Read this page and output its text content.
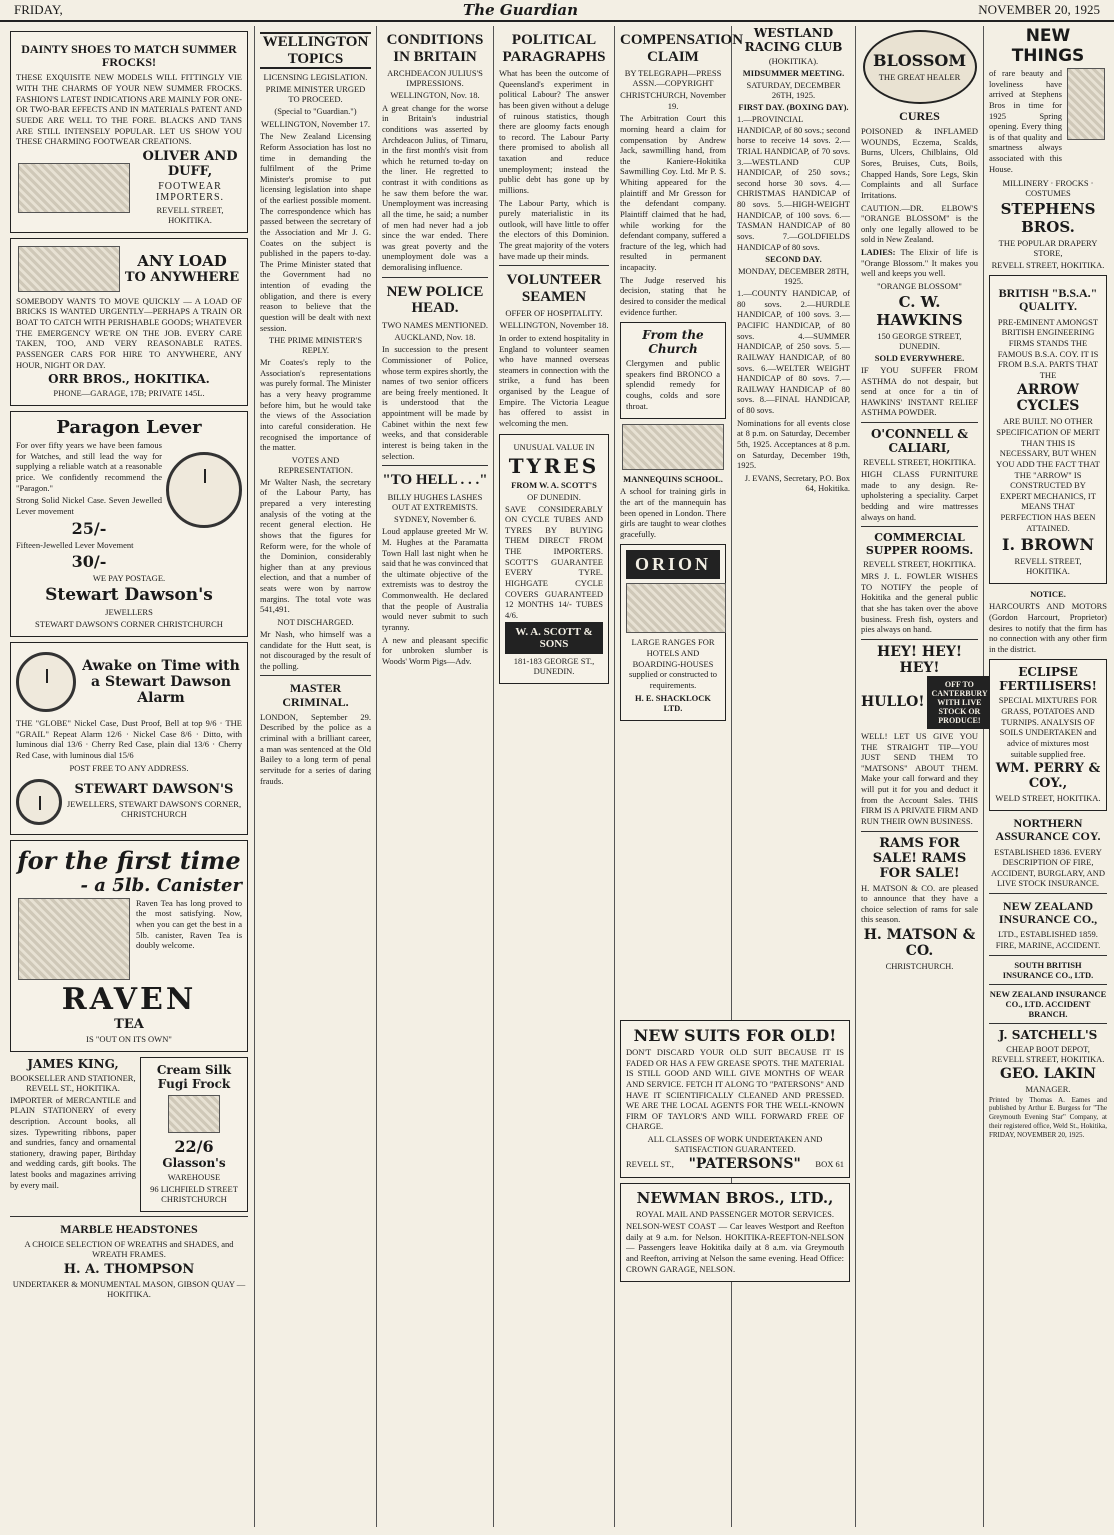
FRIDAY,	The Guardian	NOVEMBER 20, 1925
DAINTY SHOES TO MATCH SUMMER FROCKS!
THESE EXQUISITE NEW MODELS WILL FITTINGLY VIE WITH THE CHARMS OF YOUR NEW SUMMER FROCKS. FASHION'S LATEST INDICATIONS ARE MAINLY FOR ONE- OR TWO-BAR EFFECTS AND IN MATERIALS PATENT AND SUEDE ARE WELL TO THE FORE. BLACKS AND TANS ARE STILL INTENSELY POPULAR. LET US SHOW YOU THESE CHARMING FOOTWEAR CREATIONS.
OLIVER AND DUFF,
FOOTWEAR IMPORTERS.
REVELL STREET, HOKITIKA.
ANY LOAD
TO ANYWHERE
SOMEBODY WANTS TO MOVE QUICKLY — A LOAD OF BRICKS IS WANTED URGENTLY—PERHAPS A TRAIN OR BOAT TO CATCH WITH PERISHABLE GOODS; WHATEVER THE EMERGENCY WE'RE ON THE JOB. EVERY CARE TAKEN, TOO, AND VERY REASONABLE RATES. PASSENGER CARS FOR HIRE TO ANYWHERE, ANY HOUR, NIGHT OR DAY.
ORR BROS., HOKITIKA.
PHONE—GARAGE, 17B; PRIVATE 145L.
Paragon Lever
For over fifty years we have been famous for Watches, and still lead the way for supplying a reliable watch at a reasonable price. We confidently recommend the "Paragon."
Strong Solid Nickel Case. Seven Jewelled Lever movement
25/-
Fifteen-Jewelled Lever Movement
30/-
WE PAY POSTAGE.
Stewart Dawson's
JEWELLERS
STEWART DAWSON'S CORNER CHRISTCHURCH
Awake on Time with a Stewart Dawson Alarm
THE "GLOBE" Nickel Case, Dust Proof, Bell at top 9/6 · THE "GRAIL" Repeat Alarm 12/6 · Nickel Case 8/6 · Ditto, with luminous dial 13/6 · Cherry Red Case, plain dial 13/6 · Cherry Red Case, with luminous dial 15/6
POST FREE TO ANY ADDRESS.
STEWART DAWSON'S
JEWELLERS, STEWART DAWSON'S CORNER, CHRISTCHURCH
for the first time
- a 5lb. Canister
Raven Tea has long proved to the most satisfying. Now, when you can get the best in a 5lb. canister, Raven Tea is doubly welcome.
RAVEN
TEA
IS "OUT ON ITS OWN"
JAMES KING,
BOOKSELLER AND STATIONER, REVELL ST., HOKITIKA.
IMPORTER of MERCANTILE and PLAIN STATIONERY of every description. Account books, all sizes. Typewriting ribbons, paper and sundries, fancy and ornamental stationery, drawing paper, Birthday and wedding cards, gift books. The latest books and magazines arriving by every mail.
Cream Silk Fugi Frock
22/6
Glasson's
WAREHOUSE
96 LICHFIELD STREET CHRISTCHURCH
MARBLE HEADSTONES
A CHOICE SELECTION OF WREATHS and SHADES, and WREATH FRAMES.
H. A. THOMPSON
UNDERTAKER & MONUMENTAL MASON, GIBSON QUAY — HOKITIKA.
WELLINGTON TOPICS
LICENSING LEGISLATION.
PRIME MINISTER URGED TO PROCEED.
(Special to "Guardian.")
WELLINGTON, November 17.
The New Zealand Licensing Reform Association has lost no time in demanding the fulfilment of the Prime Minister's promise to put licensing legislation into shape of the earliest possible moment. The correspondence which has passed between the secretary of the Association and Mr J. G. Coates on the subject is published in the papers to-day. The Prime Minister stated that the Government had no intention of evading the obligation, and there is every reason to believe that the question will be dealt with next session.
THE PRIME MINISTER'S REPLY.
Mr Coates's reply to the Association's representations was purely formal. The Minister has a very heavy programme before him, but he would take the views of the Association into careful consideration. He recognised the importance of the matter.
VOTES AND REPRESENTATION.
Mr Walter Nash, the secretary of the Labour Party, has prepared a very interesting analysis of the voting at the recent general election. He shows that the figures for Reform were, for the whole of the Dominion, considerably higher than at any previous election, and that a number of seats were won by narrow margins. The total vote was 541,491.
NOT DISCHARGED.
Mr Nash, who himself was a candidate for the Hutt seat, is not discouraged by the result of the polling.
MASTER CRIMINAL.
LONDON, September 29. Described by the police as a criminal with a brilliant career, a man was sentenced at the Old Bailey to a long term of penal servitude for a series of daring frauds.
CONDITIONS IN BRITAIN
ARCHDEACON JULIUS'S IMPRESSIONS.
WELLINGTON, Nov. 18.
A great change for the worse in Britain's industrial conditions was asserted by Archdeacon Julius, of Timaru, in the first month's visit from which he returned to-day on the liner. He regretted to contrast it with conditions as he saw them before the war. Unemployment was increasing all the time, he said; a number of men had never had a job since the war ended. There was great poverty and the unemployment dole was a demoralising influence.
NEW POLICE HEAD.
TWO NAMES MENTIONED.
AUCKLAND, Nov. 18.
In succession to the present Commissioner of Police, whose term expires shortly, the names of two senior officers are being freely mentioned. It is understood that the appointment will be made by Cabinet within the next few weeks, and that considerable interest is being taken in the selection.
"TO HELL . . ."
BILLY HUGHES LASHES OUT AT EXTREMISTS.
SYDNEY, November 6.
Loud applause greeted Mr W. M. Hughes at the Paramatta Town Hall last night when he said that he was convinced that the ultimate objective of the extremists was to destroy the Commonwealth. He declared that the people of Australia would never submit to such tyranny.
A new and pleasant specific for unbroken slumber is Woods' Worm Pigs—Adv.
POLITICAL PARAGRAPHS
What has been the outcome of Queensland's experiment in political Labour? The answer has been given without a deluge of ruinous statistics, though there are gloomy facts enough to record. The Labour Party there promised to abolish all taxation and reduce unemployment; instead the public debt has gone up by millions.
The Labour Party, which is purely materialistic in its outlook, will have little to offer the electors of this Dominion. The great majority of the voters have made up their minds.
VOLUNTEER SEAMEN
OFFER OF HOSPITALITY.
WELLINGTON, November 18.
In order to extend hospitality in England to volunteer seamen who have manned overseas steamers in connection with the strike, a fund has been organised by the League of Empire. The Victoria League has offered to assist in welcoming the men.
UNUSUAL VALUE IN
TYRES
FROM W. A. SCOTT'S
OF DUNEDIN.
SAVE CONSIDERABLY ON CYCLE TUBES AND TYRES BY BUYING THEM DIRECT FROM THE IMPORTERS. SCOTT'S GUARANTEE EVERY TYRE. HIGHGATE CYCLE COVERS GUARANTEED 12 MONTHS 14/- TUBES 4/6.
W. A. SCOTT & SONS
181-183 GEORGE ST., DUNEDIN.
COMPENSATION CLAIM
BY TELEGRAPH—PRESS ASSN.—COPYRIGHT
CHRISTCHURCH, November 19.
The Arbitration Court this morning heard a claim for compensation by Andrew Jack, sawmilling hand, from the Kaniere-Hokitika Sawmilling Coy. Ltd. Mr P. S. Whiting appeared for the plaintiff and Mr Gresson for the defendant company. Plaintiff claimed that he had, while working for the defendant company, suffered a fracture of the leg, which had resulted in permanent incapacity.
The Judge reserved his decision, stating that he desired to consider the medical evidence further.
From the Church
Clergymen and public speakers find BRONCO a splendid remedy for coughs, colds and sore throat.
MANNEQUINS SCHOOL.
A school for training girls in the art of the mannequin has been opened in London. There girls are taught to wear clothes gracefully.
ORION
LARGE RANGES FOR HOTELS AND BOARDING-HOUSES supplied or constructed to requirements.
H. E. SHACKLOCK LTD.
NEW SUITS FOR OLD!
DON'T DISCARD YOUR OLD SUIT BECAUSE IT IS FADED OR HAS A FEW GREASE SPOTS. THE MATERIAL IS STILL GOOD AND WILL GIVE MONTHS OF WEAR AND SERVICE. FETCH IT ALONG TO "PATERSONS" AND HAVE IT SCIENTIFICALLY CLEANED AND PRESSED. WE ARE THE LOCAL AGENTS FOR THE WELL-KNOWN FIRM OF TAYLOR'S AND WILL FORWARD FREE OF CHARGE.
ALL CLASSES OF WORK UNDERTAKEN AND SATISFACTION GUARANTEED.
REVELL ST., "PATERSONS" BOX 61
NEWMAN BROS., LTD.,
ROYAL MAIL AND PASSENGER MOTOR SERVICES.
NELSON-WEST COAST — Car leaves Westport and Reefton daily at 9 a.m. for Nelson. HOKITIKA-REEFTON-NELSON — Passengers leave Hokitika daily at 8 a.m. via Greymouth and Reefton, arriving at Nelson the same evening. Head Office: CROWN GARAGE, NELSON.
WESTLAND RACING CLUB
(HOKITIKA).
MIDSUMMER MEETING.
SATURDAY, DECEMBER 26TH, 1925.
FIRST DAY. (BOXING DAY).
1.—PROVINCIAL HANDICAP, of 80 sovs.; second horse to receive 14 sovs. 2.—TRIAL HANDICAP, of 70 sovs. 3.—WESTLAND CUP HANDICAP, of 250 sovs.; second horse 30 sovs. 4.—CHRISTMAS HANDICAP of 80 sovs. 5.—HIGH-WEIGHT HANDICAP, of 100 sovs. 6.—TASMAN HANDICAP of 80 sovs. 7.—GOLDFIELDS HANDICAP of 80 sovs.
SECOND DAY.
MONDAY, DECEMBER 28TH, 1925.
1.—COUNTY HANDICAP, of 80 sovs. 2.—HURDLE HANDICAP, of 100 sovs. 3.—PACIFIC HANDICAP, of 80 sovs. 4.—SUMMER HANDICAP, of 250 sovs. 5.—RAILWAY HANDICAP, of 80 sovs. 6.—WELTER WEIGHT HANDICAP of 80 sovs. 7.—RAILWAY HANDICAP of 80 sovs. 8.—FINAL HANDICAP, of 80 sovs.
Nominations for all events close at 8 p.m. on Saturday, December 5th, 1925. Acceptances at 8 p.m. on Saturday, December 19th, 1925.
J. EVANS, Secretary, P.O. Box 64, Hokitika.
BLOSSOM
THE GREAT HEALER
CURES
POISONED & INFLAMED WOUNDS, Eczema, Scalds, Burns, Ulcers, Chilblains, Old Sores, Bruises, Cuts, Boils, Chapped Hands, Sore Legs, Skin Complaints and all Surface Irritations.
CAUTION.—DR. ELBOW'S "ORANGE BLOSSOM" is the only one legally allowed to be sold in New Zealand.
LADIES: The Elixir of life is "Orange Blossom." It makes you well and keeps you well.
"ORANGE BLOSSOM"
C. W. HAWKINS
150 GEORGE STREET, DUNEDIN.
SOLD EVERYWHERE.
IF YOU SUFFER FROM ASTHMA do not despair, but send at once for a tin of HAWKINS' INSTANT RELIEF ASTHMA POWDER.
O'CONNELL & CALIARI,
REVELL STREET, HOKITIKA.
HIGH CLASS FURNITURE made to any design. Re-upholstering a speciality. Carpet bedding and wire mattresses always on hand.
COMMERCIAL SUPPER ROOMS.
REVELL STREET, HOKITIKA.
MRS J. L. FOWLER WISHES TO NOTIFY the people of Hokitika and the general public that she has taken over the above business. Fresh fish, oysters and pies always on hand.
HEY! HEY! HEY!
HULLO!
OFF TO CANTERBURY WITH LIVE STOCK OR PRODUCE!
WELL! LET US GIVE YOU THE STRAIGHT TIP—YOU JUST SEND THEM TO "MATSONS" ABOUT THEM. Make your call forward and they will put it for you and deduct it from the Account Sales. THIS FIRM IS A PRIVATE FIRM AND RUN THEIR OWN BUSINESS.
RAMS FOR SALE! RAMS FOR SALE!
H. MATSON & CO. are pleased to announce that they have a choice selection of rams for sale this season.
H. MATSON & CO.
CHRISTCHURCH.
NEW THINGS
of rare beauty and loveliness have arrived at Stephens Bros in time for 1925 Spring opening. Every thing is of that quality and smartness always associated with this House.
MILLINERY · FROCKS · COSTUMES
STEPHENS BROS.
THE POPULAR DRAPERY STORE,
REVELL STREET, HOKITIKA.
BRITISH "B.S.A." QUALITY.
PRE-EMINENT AMONGST BRITISH ENGINEERING FIRMS STANDS THE FAMOUS B.S.A. COY. IT IS FROM B.S.A. PARTS THAT THE
ARROW CYCLES
ARE BUILT. NO OTHER SPECIFICATION OF MERIT THAN THIS IS NECESSARY, BUT WHEN YOU ADD THE FACT THAT THE "ARROW" IS CONSTRUCTED BY EXPERT MECHANICS, IT MEANS THAT PERFECTION HAS BEEN ATTAINED.
I. BROWN
REVELL STREET, HOKITIKA.
NOTICE.
HARCOURTS AND MOTORS (Gordon Harcourt, Proprietor) desires to notify that the firm has no connection with any other firm in the district.
ECLIPSE FERTILISERS!
SPECIAL MIXTURES FOR GRASS, POTATOES AND TURNIPS. ANALYSIS OF SOILS UNDERTAKEN and advice of mixtures most suitable supplied free.
WM. PERRY & COY.,
WELD STREET, HOKITIKA.
NORTHERN ASSURANCE COY.
ESTABLISHED 1836. EVERY DESCRIPTION OF FIRE, ACCIDENT, BURGLARY, AND LIVE STOCK INSURANCE.
NEW ZEALAND INSURANCE CO.,
LTD., ESTABLISHED 1859. FIRE, MARINE, ACCIDENT.
SOUTH BRITISH INSURANCE CO., LTD.
NEW ZEALAND INSURANCE CO., LTD. ACCIDENT BRANCH.
J. SATCHELL'S
CHEAP BOOT DEPOT, REVELL STREET, HOKITIKA.
GEO. LAKIN
MANAGER.
Printed by Thomas A. Eames and published by Arthur E. Burgess for "The Greymouth Evening Star" Company, at their registered office, Weld St., Hokitika, FRIDAY, NOVEMBER 20, 1925.
